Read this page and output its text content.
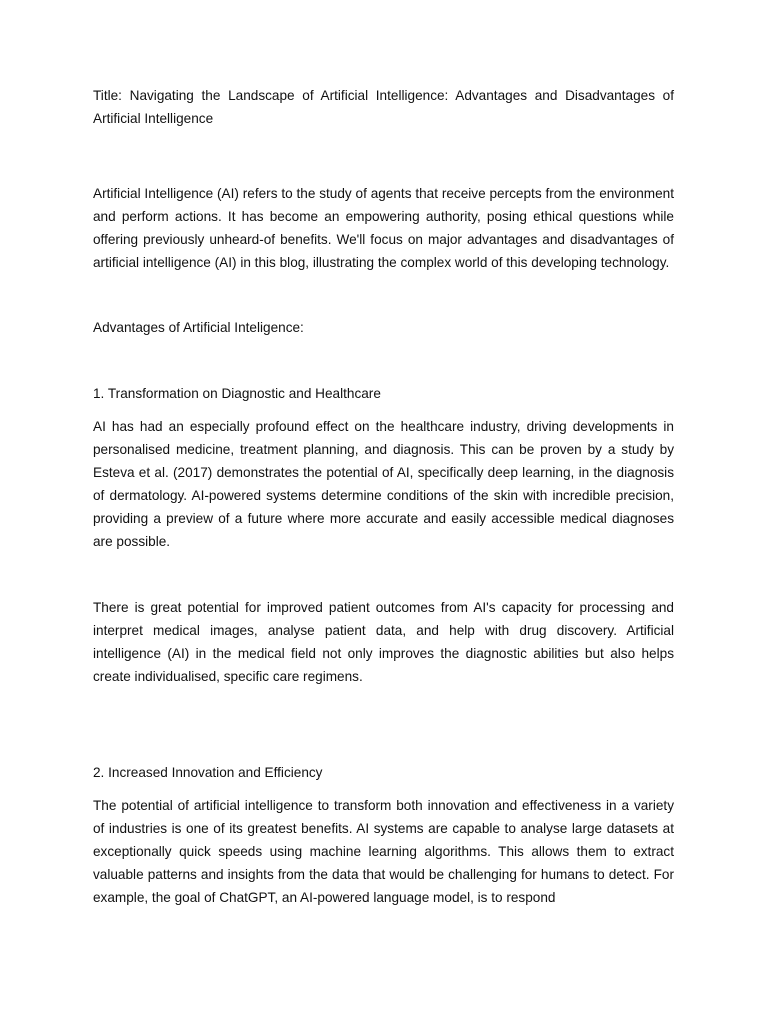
Title: Navigating the Landscape of Artificial Intelligence: Advantages and Disadvantages of Artificial Intelligence

Artificial Intelligence (AI) refers to the study of agents that receive percepts from the environment and perform actions. It has become an empowering authority, posing ethical questions while offering previously unheard-of benefits. We'll focus on major advantages and disadvantages of artificial intelligence (AI) in this blog, illustrating the complex world of this developing technology.

Advantages of Artificial Inteligence:

1. Transformation on Diagnostic and Healthcare

AI has had an especially profound effect on the healthcare industry, driving developments in personalised medicine, treatment planning, and diagnosis. This can be proven by a study by Esteva et al. (2017) demonstrates the potential of AI, specifically deep learning, in the diagnosis of dermatology. AI-powered systems determine conditions of the skin with incredible precision, providing a preview of a future where more accurate and easily accessible medical diagnoses are possible.

There is great potential for improved patient outcomes from AI's capacity for processing and interpret medical images, analyse patient data, and help with drug discovery. Artificial intelligence (AI) in the medical field not only improves the diagnostic abilities but also helps create individualised, specific care regimens.

2. Increased Innovation and Efficiency

The potential of artificial intelligence to transform both innovation and effectiveness in a variety of industries is one of its greatest benefits. AI systems are capable to analyse large datasets at exceptionally quick speeds using machine learning algorithms. This allows them to extract valuable patterns and insights from the data that would be challenging for humans to detect. For example, the goal of ChatGPT, an AI-powered language model, is to respond
